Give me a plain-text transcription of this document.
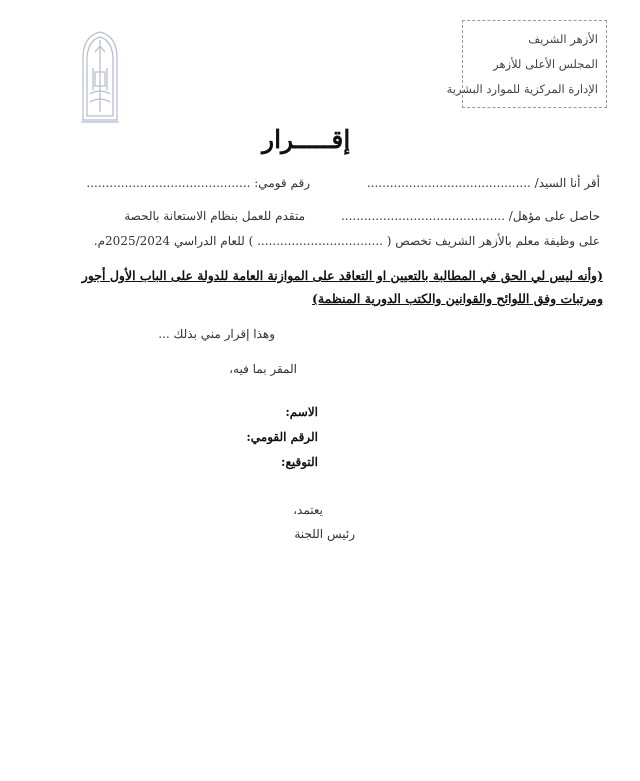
الأزهر الشريف
المجلس الأعلى للأزهر
الإدارة المركزية للموارد البشرية
إقـــــرار
أقر أنا السيد/ ...........................................
رقم قومي: ...........................................
حاصل على مؤهل/ ...........................................
متقدم للعمل بنظام الاستعانة بالحصة
على وظيفة معلم بالأزهر الشريف تخصص ( ................................. ) للعام الدراسي 2025/2024م.
(وأنه ليس لي الحق في المطالبة بالتعيين او التعاقد على الموازنة العامة للدولة على الباب الأول أجور
ومرتبات وفق اللوائح والقوانين والكتب الدورية المنظمة)
وهذا إقرار مني بذلك ...
المقر بما فيه،
الاسم:
الرقم القومي:
التوقيع:
يعتمد،
رئيس اللجنة
